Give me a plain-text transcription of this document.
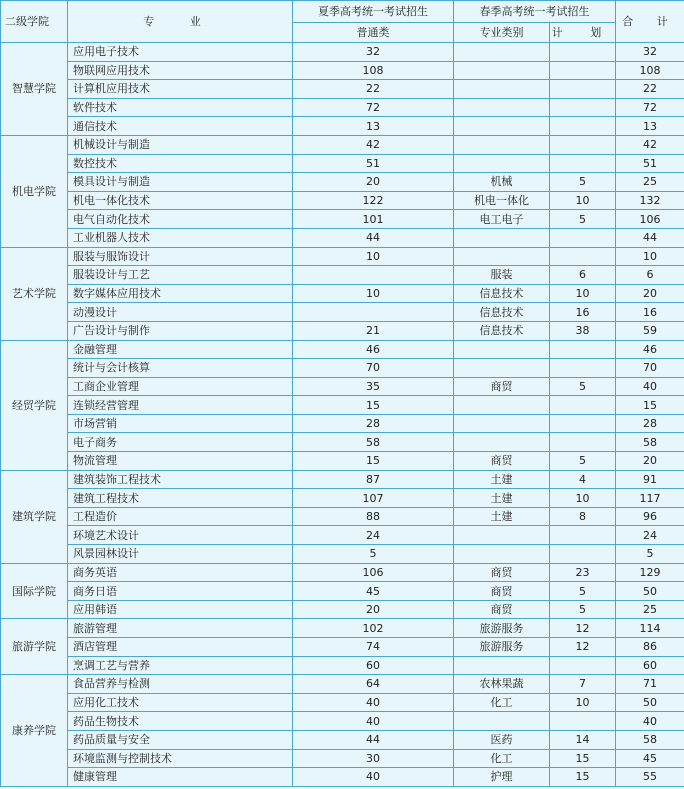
二级学院	专 业	夏季高考统一考试招生	春季高考统一考试招生		合 计
		普通类	专业类别	计 划	
智慧学院	应用电子技术	32			32
	物联网应用技术	108			108
	计算机应用技术	22			22
	软件技术	72			72
	通信技术	13			13
机电学院	机械设计与制造	42			42
	数控技术	51			51
	模具设计与制造	20	机械	5	25
	机电一体化技术	122	机电一体化	10	132
	电气自动化技术	101	电工电子	5	106
	工业机器人技术	44			44
艺术学院	服装与服饰设计	10			10
	服装设计与工艺		服装	6	6
	数字媒体应用技术	10	信息技术	10	20
	动漫设计		信息技术	16	16
	广告设计与制作	21	信息技术	38	59
经贸学院	金融管理	46			46
	统计与会计核算	70			70
	工商企业管理	35	商贸	5	40
	连锁经营管理	15			15
	市场营销	28			28
	电子商务	58			58
	物流管理	15	商贸	5	20
建筑学院	建筑装饰工程技术	87	土建	4	91
	建筑工程技术	107	土建	10	117
	工程造价	88	土建	8	96
	环境艺术设计	24			24
	风景园林设计	5			5
国际学院	商务英语	106	商贸	23	129
	商务日语	45	商贸	5	50
	应用韩语	20	商贸	5	25
旅游学院	旅游管理	102	旅游服务	12	114
	酒店管理	74	旅游服务	12	86
	烹调工艺与营养	60			60
康养学院	食品营养与检测	64	农林果蔬	7	71
	应用化工技术	40	化工	10	50
	药品生物技术	40			40
	药品质量与安全	44	医药	14	58
	环境监测与控制技术	30	化工	15	45
	健康管理	40	护理	15	55
